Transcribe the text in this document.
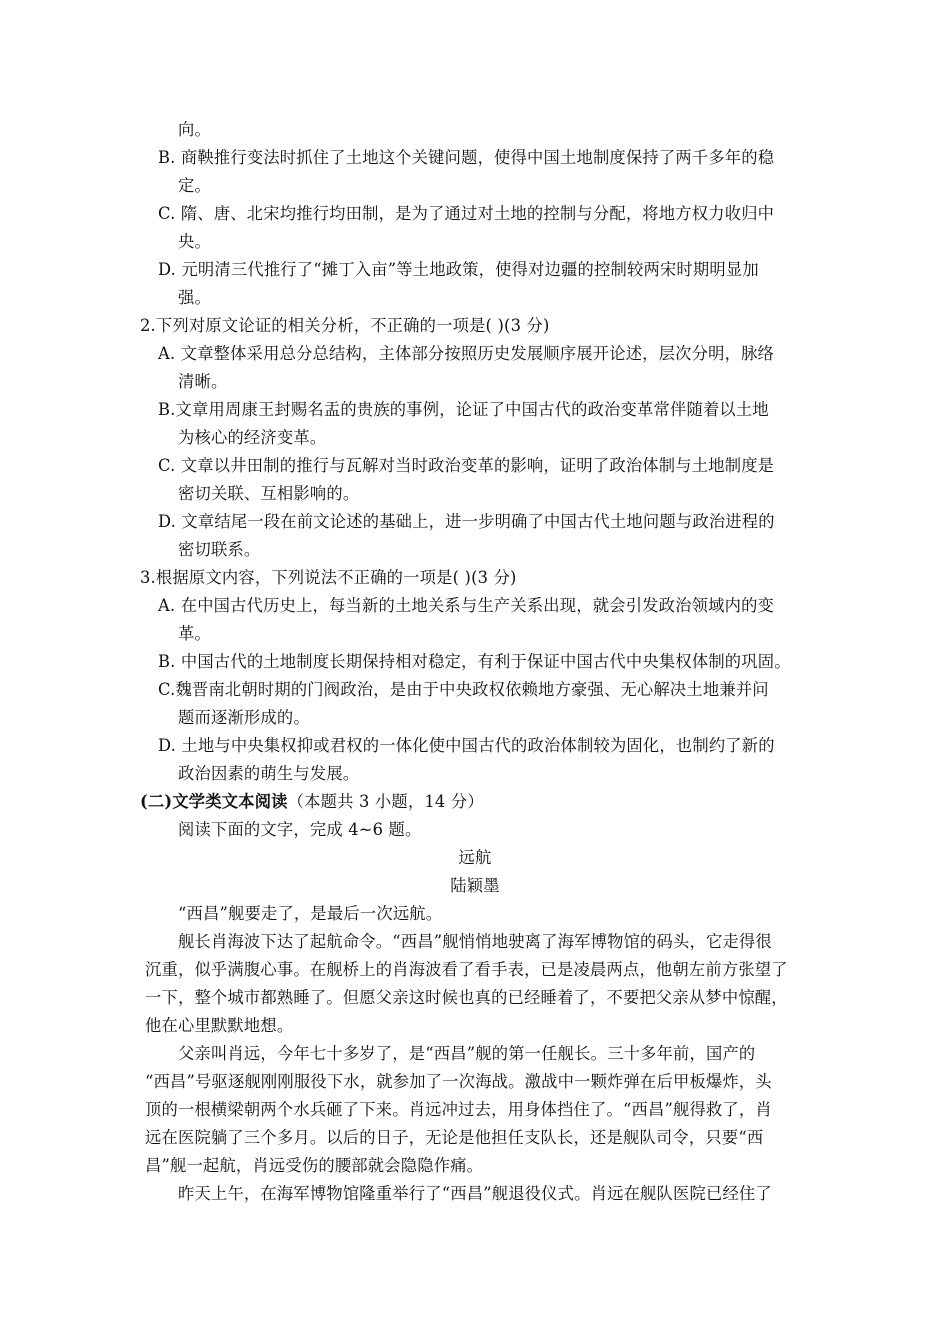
向。
B. 商鞅推行变法时抓住了土地这个关键问题，使得中国土地制度保持了两千多年的稳
定。
C. 隋、唐、北宋均推行均田制，是为了通过对土地的控制与分配，将地方权力收归中
央。
D. 元明清三代推行了“摊丁入亩”等土地政策，使得对边疆的控制较两宋时期明显加
强。
2.下列对原文论证的相关分析，不正确的一项是( )(3 分)
A. 文章整体采用总分总结构，主体部分按照历史发展顺序展开论述，层次分明，脉络
清晰。
B.文章用周康王封赐名盂的贵族的事例，论证了中国古代的政治变革常伴随着以土地
为核心的经济变革。
C. 文章以井田制的推行与瓦解对当时政治变革的影响，证明了政治体制与土地制度是
密切关联、互相影响的。
D. 文章结尾一段在前文论述的基础上，进一步明确了中国古代土地问题与政治进程的
密切联系。
3.根据原文内容，下列说法不正确的一项是( )(3 分)
A. 在中国古代历史上，每当新的土地关系与生产关系出现，就会引发政治领域内的变
革。
B. 中国古代的土地制度长期保持相对稳定，有利于保证中国古代中央集权体制的巩固。
C.魏晋南北朝时期的门阀政治，是由于中央政权依赖地方豪强、无心解决土地兼并问
题而逐渐形成的。
D. 土地与中央集权抑或君权的一体化使中国古代的政治体制较为固化，也制约了新的
政治因素的萌生与发展。
(二)文学类文本阅读（本题共 3 小题，14 分）
阅读下面的文字，完成 4~6 题。
远航
陆颖墨
“西昌”舰要走了，是最后一次远航。
舰长肖海波下达了起航命令。“西昌”舰悄悄地驶离了海军博物馆的码头，它走得很
沉重，似乎满腹心事。在舰桥上的肖海波看了看手表，已是凌晨两点，他朝左前方张望了
一下，整个城市都熟睡了。但愿父亲这时候也真的已经睡着了，不要把父亲从梦中惊醒，
他在心里默默地想。
父亲叫肖远，今年七十多岁了，是“西昌”舰的第一任舰长。三十多年前，国产的
“西昌”号驱逐舰刚刚服役下水，就参加了一次海战。激战中一颗炸弹在后甲板爆炸，头
顶的一根横梁朝两个水兵砸了下来。肖远冲过去，用身体挡住了。“西昌”舰得救了，肖
远在医院躺了三个多月。以后的日子，无论是他担任支队长，还是舰队司令，只要“西
昌”舰一起航，肖远受伤的腰部就会隐隐作痛。
昨天上午，在海军博物馆隆重举行了“西昌”舰退役仪式。肖远在舰队医院已经住了
